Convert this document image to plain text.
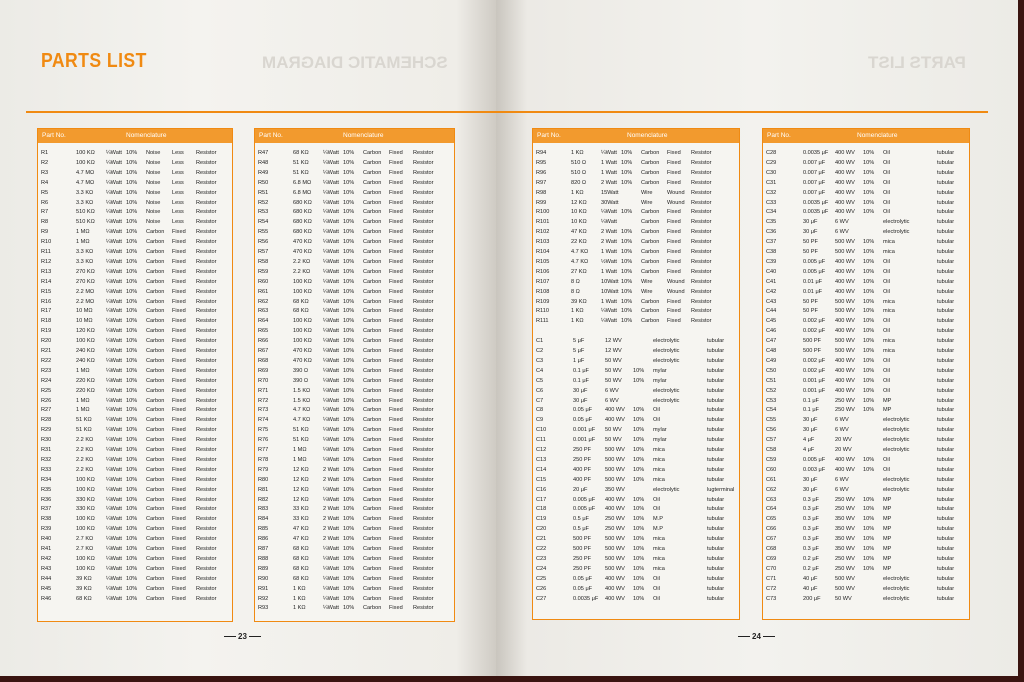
PARTS LIST	SCHEMATIC DIAGRAM
Part No.	Nomenclature
R1	100 KΩ ¼Watt 10% Noise Less Resistor
R2	100 KΩ ¼Watt 10% Noise Less Resistor
R3	4.7 MΩ ¼Watt 10% Noise Less Resistor
R4	4.7 MΩ ¼Watt 10% Noise Less Resistor
R5	3.3 KΩ ¼Watt 10% Noise Less Resistor
R6	3.3 KΩ ¼Watt 10% Noise Less Resistor
R7	510 KΩ ¼Watt 10% Noise Less Resistor
R8	510 KΩ ¼Watt 10% Noise Less Resistor
R9	1 MΩ	¼Watt 10% Carbon Fixed Resistor
R10	1 MΩ	¼Watt 10% Carbon Fixed Resistor
R11	3.3 KΩ ¼Watt 10% Carbon Fixed Resistor
R12	3.3 KΩ ¼Watt 10% Carbon Fixed Resistor
R13	270 KΩ ¼Watt 10% Carbon Fixed Resistor
R14	270 KΩ ¼Watt 10% Carbon Fixed Resistor
R15	2.2 MΩ ¼Watt 10% Carbon Fixed Resistor
R16	2.2 MΩ ¼Watt 10% Carbon Fixed Resistor
R17	10 MΩ ¼Watt 10% Carbon Fixed Resistor
R18	10 MΩ ¼Watt 10% Carbon Fixed Resistor
R19	120 KΩ ¼Watt 10% Carbon Fixed Resistor
R20	100 KΩ ¼Watt 10% Carbon Fixed Resistor
R21	240 KΩ ¼Watt 10% Carbon Fixed Resistor
R22	240 KΩ ¼Watt 10% Carbon Fixed Resistor
R23	1 MΩ	¼Watt 10% Carbon Fixed Resistor
R24	220 KΩ ¼Watt 10% Carbon Fixed Resistor
R25	220 KΩ ¼Watt 10% Carbon Fixed Resistor
R26	1 MΩ	¼Watt 10% Carbon Fixed Resistor
R27	1 MΩ	¼Watt 10% Carbon Fixed Resistor
R28	51 KΩ	¼Watt 10% Carbon Fixed Resistor
R29	51 KΩ	¼Watt 10% Carbon Fixed Resistor
R30	2.2 KΩ ¼Watt 10% Carbon Fixed Resistor
R31	2.2 KΩ ¼Watt 10% Carbon Fixed Resistor
R32	2.2 KΩ ¼Watt 10% Carbon Fixed Resistor
R33	2.2 KΩ ¼Watt 10% Carbon Fixed Resistor
R34	100 KΩ ¼Watt 10% Carbon Fixed Resistor
R35	100 KΩ ¼Watt 10% Carbon Fixed Resistor
R36	330 KΩ ¼Watt 10% Carbon Fixed Resistor
R37	330 KΩ ¼Watt 10% Carbon Fixed Resistor
R38	100 KΩ ¼Watt 10% Carbon Fixed Resistor
R39	100 KΩ ¼Watt 10% Carbon Fixed Resistor
R40	2.7 KΩ ¼Watt 10% Carbon Fixed Resistor
R41	2.7 KΩ ¼Watt 10% Carbon Fixed Resistor
R42	100 KΩ ¼Watt 10% Carbon Fixed Resistor
R43	100 KΩ ¼Watt 10% Carbon Fixed Resistor
R44	39 KΩ	¼Watt 10% Carbon Fixed Resistor
R45	39 KΩ	¼Watt 10% Carbon Fixed Resistor
R46	68 KΩ	¼Watt 10% Carbon Fixed Resistor
Part No.	Nomenclature
R47	68 KΩ	¼Watt 10% Carbon Fixed Resistor
R48	51 KΩ	¼Watt 10% Carbon Fixed Resistor
R49	51 KΩ	¼Watt 10% Carbon Fixed Resistor
R50	6.8 MΩ ¼Watt 10% Carbon Fixed Resistor
R51	6.8 MΩ ¼Watt 10% Carbon Fixed Resistor
R52	680 KΩ ¼Watt 10% Carbon Fixed Resistor
R53	680 KΩ ¼Watt 10% Carbon Fixed Resistor
R54	680 KΩ ¼Watt 10% Carbon Fixed Resistor
R55	680 KΩ ¼Watt 10% Carbon Fixed Resistor
R56	470 KΩ ¼Watt 10% Carbon Fixed Resistor
R57	470 KΩ ¼Watt 10% Carbon Fixed Resistor
R58	2.2 KΩ ¼Watt 10% Carbon Fixed Resistor
R59	2.2 KΩ ¼Watt 10% Carbon Fixed Resistor
R60	100 KΩ ¼Watt 10% Carbon Fixed Resistor
R61	100 KΩ ¼Watt 10% Carbon Fixed Resistor
R62	68 KΩ	¼Watt 10% Carbon Fixed Resistor
R63	68 KΩ	¼Watt 10% Carbon Fixed Resistor
R64	100 KΩ ¼Watt 10% Carbon Fixed Resistor
R65	100 KΩ ¼Watt 10% Carbon Fixed Resistor
R66	100 KΩ ¼Watt 10% Carbon Fixed Resistor
R67	470 KΩ ¼Watt 10% Carbon Fixed Resistor
R68	470 KΩ ¼Watt 10% Carbon Fixed Resistor
R69	390 Ω	¼Watt 10% Carbon Fixed Resistor
R70	390 Ω	¼Watt 10% Carbon Fixed Resistor
R71	1.5 KΩ ¼Watt 10% Carbon Fixed Resistor
R72	1.5 KΩ ¼Watt 10% Carbon Fixed Resistor
R73	4.7 KΩ ¼Watt 10% Carbon Fixed Resistor
R74	4.7 KΩ ¼Watt 10% Carbon Fixed Resistor
R75	51 KΩ	¼Watt 10% Carbon Fixed Resistor
R76	51 KΩ	¼Watt 10% Carbon Fixed Resistor
R77	1 MΩ	¼Watt 10% Carbon Fixed Resistor
R78	1 MΩ	¼Watt 10% Carbon Fixed Resistor
R79	12 KΩ	2 Watt 10% Carbon Fixed Resistor
R80	12 KΩ	2 Watt 10% Carbon Fixed Resistor
R81	12 KΩ	¼Watt 10% Carbon Fixed Resistor
R82	12 KΩ	¼Watt 10% Carbon Fixed Resistor
R83	33 KΩ	2 Watt 10% Carbon Fixed Resistor
R84	33 KΩ	2 Watt 10% Carbon Fixed Resistor
R85	47 KΩ	2 Watt 10% Carbon Fixed Resistor
R86	47 KΩ	2 Watt 10% Carbon Fixed Resistor
R87	68 KΩ	¼Watt 10% Carbon Fixed Resistor
R88	68 KΩ	¼Watt 10% Carbon Fixed Resistor
R89	68 KΩ	¼Watt 10% Carbon Fixed Resistor
R90	68 KΩ	¼Watt 10% Carbon Fixed Resistor
R91	1 KΩ	¼Watt 10% Carbon Fixed Resistor
R92	1 KΩ	¼Watt 10% Carbon Fixed Resistor
R93	1 KΩ	¼Watt 10% Carbon Fixed Resistor
23
PARTS LIST
Part No.	Nomenclature
R94	1 KΩ	¼Watt 10% Carbon Fixed Resistor
R95	510 Ω	1 Watt 10% Carbon Fixed Resistor
R96	510 Ω	1 Watt 10% Carbon Fixed Resistor
R97	820 Ω	2 Watt 10% Carbon Fixed Resistor
R98	1 KΩ	15Watt	Wire	Wound Resistor
R99	12 KΩ	30Watt	Wire	Wound Resistor
R100	10 KΩ	¼Watt 10% Carbon Fixed Resistor
R101	10 KΩ	¼Watt	Carbon Fixed Resistor
R102	47 KΩ	2 Watt 10% Carbon Fixed Resistor
R103	22 KΩ	2 Watt 10% Carbon Fixed Resistor
R104	4.7 KΩ 1 Watt 10% Carbon Fixed Resistor
R105	4.7 KΩ ½Watt 10% Carbon Fixed Resistor
R106	27 KΩ	1 Watt 10% Carbon Fixed Resistor
R107	8 Ω	10Watt 10% Wire	Wound Resistor
R108	8 Ω	10Watt 10% Wire	Wound Resistor
R109	39 KΩ	1 Watt 10% Carbon Fixed Resistor
R110	1 KΩ	¼Watt 10% Carbon Fixed Resistor
R111	1 KΩ	¼Watt 10% Carbon Fixed Resistor
C1	5 μF	12 WV	electrolytic	tubular
C2	5 μF	12 WV	electrolytic	tubular
C3	1 μF	50 WV	electrolytic	tubular
C4	0.1 μF	50 WV 10% mylar	tubular
C5	0.1 μF	50 WV 10% mylar	tubular
C6	30 μF	6 WV	electrolytic	tubular
C7	30 μF	6 WV	electrolytic	tubular
C8	0.05 μF 400 WV 10% Oil	tubular
C9	0.05 μF 400 WV 10% Oil	tubular
C10	0.001 μF 50 WV 10% mylar	tubular
C11	0.001 μF 50 WV 10% mylar	tubular
C12	250 PF 500 WV 10% mica	tubular
C13	250 PF 500 WV 10% mica	tubular
C14	400 PF 500 WV 10% mica	tubular
C15	400 PF 500 WV 10% mica	tubular
C16	20 μF	350 WV	electrolytic	lugterminal
C17	0.005 μF 400 WV 10% Oil	tubular
C18	0.005 μF 400 WV 10% Oil	tubular
C19	0.5 μF	250 WV 10% M.P	tubular
C20	0.5 μF	250 WV 10% M.P	tubular
C21	500 PF 500 WV 10% mica	tubular
C22	500 PF 500 WV 10% mica	tubular
C23	250 PF 500 WV 10% mica	tubular
C24	250 PF 500 WV 10% mica	tubular
C25	0.05 μF 400 WV 10% Oil	tubular
C26	0.05 μF 400 WV 10% Oil	tubular
C27	0.0035 μF 400 WV 10% Oil	tubular
Part No.	Nomenclature
C28	0.0035 μF 400 WV 10% Oil	tubular
C29	0.007 μF 400 WV 10% Oil	tubular
C30	0.007 μF 400 WV 10% Oil	tubular
C31	0.007 μF 400 WV 10% Oil	tubular
C32	0.007 μF 400 WV 10% Oil	tubular
C33	0.0035 μF 400 WV 10% Oil	tubular
C34	0.0035 μF 400 WV 10% Oil	tubular
C35	30 μF	6 WV	electrolytic	tubular
C36	30 μF	6 WV	electrolytic	tubular
C37	50 PF	500 WV 10% mica	tubular
C38	50 PF	500 WV 10% mica	tubular
C39	0.005 μF 400 WV 10% Oil	tubular
C40	0.005 μF 400 WV 10% Oil	tubular
C41	0.01 μF 400 WV 10% Oil	tubular
C42	0.01 μF 400 WV 10% Oil	tubular
C43	50 PF	500 WV 10% mica	tubular
C44	50 PF	500 WV 10% mica	tubular
C45	0.002 μF 400 WV 10% Oil	tubular
C46	0.002 μF 400 WV 10% Oil	tubular
C47	500 PF 500 WV 10% mica	tubular
C48	500 PF 500 WV 10% mica	tubular
C49	0.002 μF 400 WV 10% Oil	tubular
C50	0.002 μF 400 WV 10% Oil	tubular
C51	0.001 μF 400 WV 10% Oil	tubular
C52	0.001 μF 400 WV 10% Oil	tubular
C53	0.1 μF	250 WV 10% MP	tubular
C54	0.1 μF	250 WV 10% MP	tubular
C55	30 μF	6 WV	electrolytic	tubular
C56	30 μF	6 WV	electrolytic	tubular
C57	4 μF	20 WV	electrolytic	tubular
C58	4 μF	20 WV	electrolytic	tubular
C59	0.005 μF 400 WV 10% Oil	tubular
C60	0.003 μF 400 WV 10% Oil	tubular
C61	30 μF	6 WV	electrolytic	tubular
C62	30 μF	6 WV	electrolytic	tubular
C63	0.3 μF	250 WV 10% MP	tubular
C64	0.3 μF	250 WV 10% MP	tubular
C65	0.3 μF	350 WV 10% MP	tubular
C66	0.3 μF	350 WV 10% MP	tubular
C67	0.3 μF	350 WV 10% MP	tubular
C68	0.3 μF	350 WV 10% MP	tubular
C69	0.2 μF	250 WV 10% MP	tubular
C70	0.2 μF	250 WV 10% MP	tubular
C71	40 μF	500 WV	electrolytic	tubular
C72	40 μF	500 WV	electrolytic	tubular
C73	200 μF	50 WV	electrolytic	tubular
24
